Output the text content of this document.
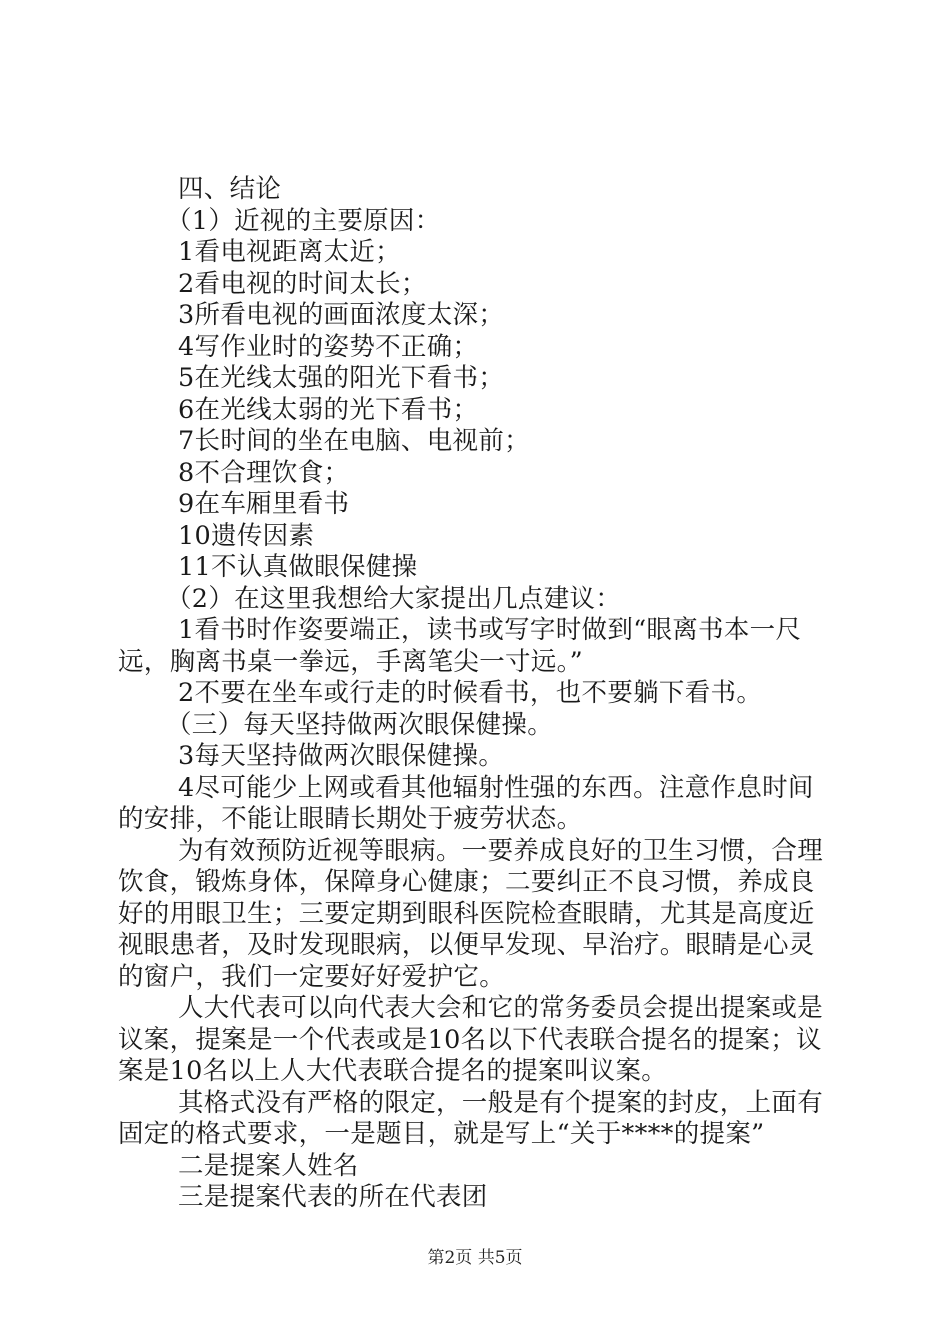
四、结论

（1）近视的主要原因：

1看电视距离太近；

2看电视的时间太长；

3所看电视的画面浓度太深；

4写作业时的姿势不正确；

5在光线太强的阳光下看书；

6在光线太弱的光下看书；

7长时间的坐在电脑、电视前；

8不合理饮食；

9在车厢里看书

10遗传因素

11不认真做眼保健操

（2）在这里我想给大家提出几点建议：

1看书时作姿要端正，读书或写字时做到“眼离书本一尺远，胸离书桌一拳远，手离笔尖一寸远。”

2不要在坐车或行走的时候看书，也不要躺下看书。

（三）每天坚持做两次眼保健操。

3每天坚持做两次眼保健操。

4尽可能少上网或看其他辐射性强的东西。注意作息时间的安排，不能让眼睛长期处于疲劳状态。

为有效预防近视等眼病。一要养成良好的卫生习惯，合理饮食，锻炼身体，保障身心健康；二要纠正不良习惯，养成良好的用眼卫生；三要定期到眼科医院检查眼睛，尤其是高度近视眼患者，及时发现眼病，以便早发现、早治疗。眼睛是心灵的窗户，我们一定要好好爱护它。

人大代表可以向代表大会和它的常务委员会提出提案或是议案，提案是一个代表或是10名以下代表联合提名的提案；议案是10名以上人大代表联合提名的提案叫议案。

其格式没有严格的限定，一般是有个提案的封皮，上面有固定的格式要求，一是题目，就是写上“关于****的提案”

二是提案人姓名

三是提案代表的所在代表团

第2页 共5页
